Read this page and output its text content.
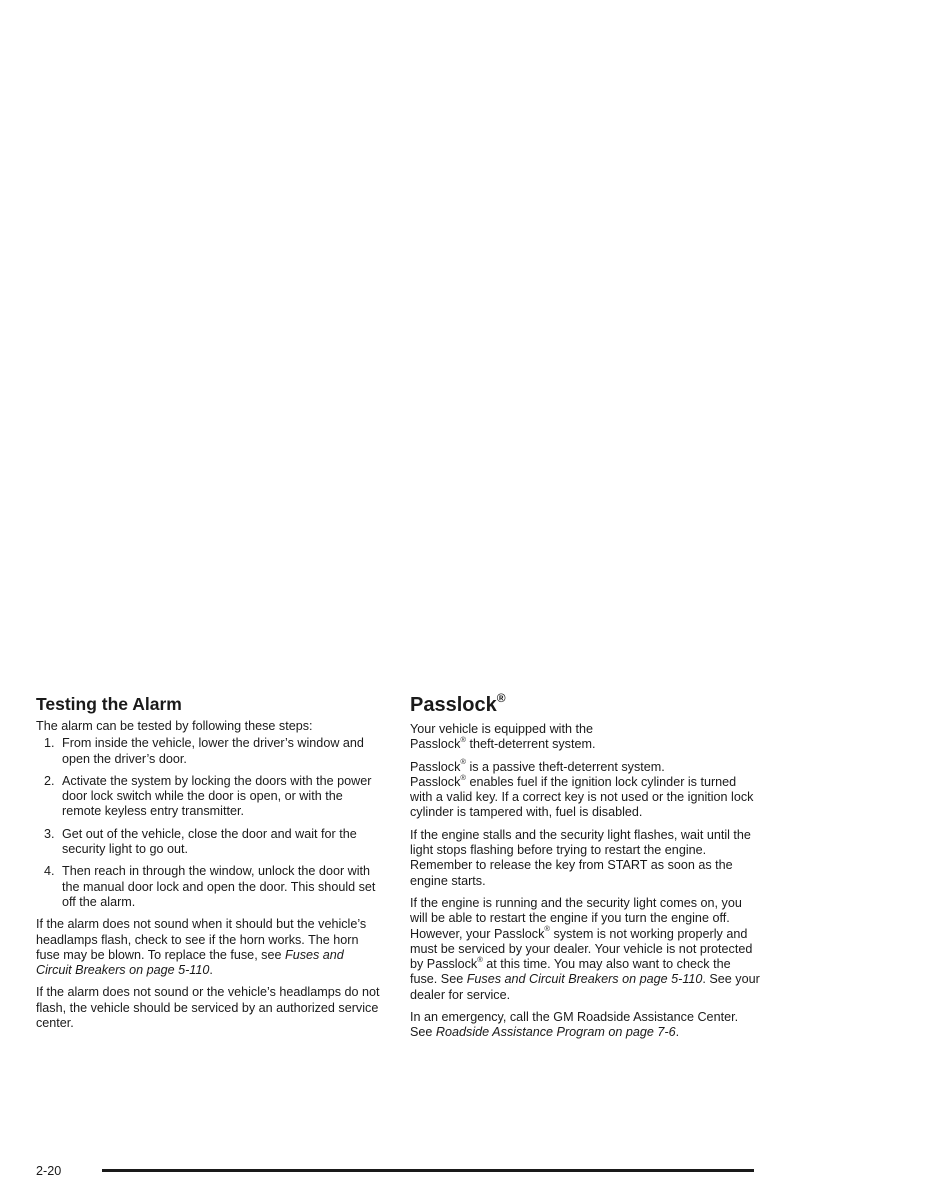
Testing the Alarm

The alarm can be tested by following these steps:

1. From inside the vehicle, lower the driver’s window and open the driver’s door.
2. Activate the system by locking the doors with the power door lock switch while the door is open, or with the remote keyless entry transmitter.
3. Get out of the vehicle, close the door and wait for the security light to go out.
4. Then reach in through the window, unlock the door with the manual door lock and open the door. This should set off the alarm.

If the alarm does not sound when it should but the vehicle’s headlamps flash, check to see if the horn works. The horn fuse may be blown. To replace the fuse, see Fuses and Circuit Breakers on page 5-110.

If the alarm does not sound or the vehicle’s headlamps do not flash, the vehicle should be serviced by an authorized service center.

Passlock®

Your vehicle is equipped with the
Passlock® theft-deterrent system.

Passlock® is a passive theft-deterrent system.
Passlock® enables fuel if the ignition lock cylinder is turned with a valid key. If a correct key is not used or the ignition lock cylinder is tampered with, fuel is disabled.

If the engine stalls and the security light flashes, wait until the light stops flashing before trying to restart the engine. Remember to release the key from START as soon as the engine starts.

If the engine is running and the security light comes on, you will be able to restart the engine if you turn the engine off. However, your Passlock® system is not working properly and must be serviced by your dealer. Your vehicle is not protected by Passlock® at this time. You may also want to check the fuse. See Fuses and Circuit Breakers on page 5-110. See your dealer for service.

In an emergency, call the GM Roadside Assistance Center. See Roadside Assistance Program on page 7-6.

2-20
